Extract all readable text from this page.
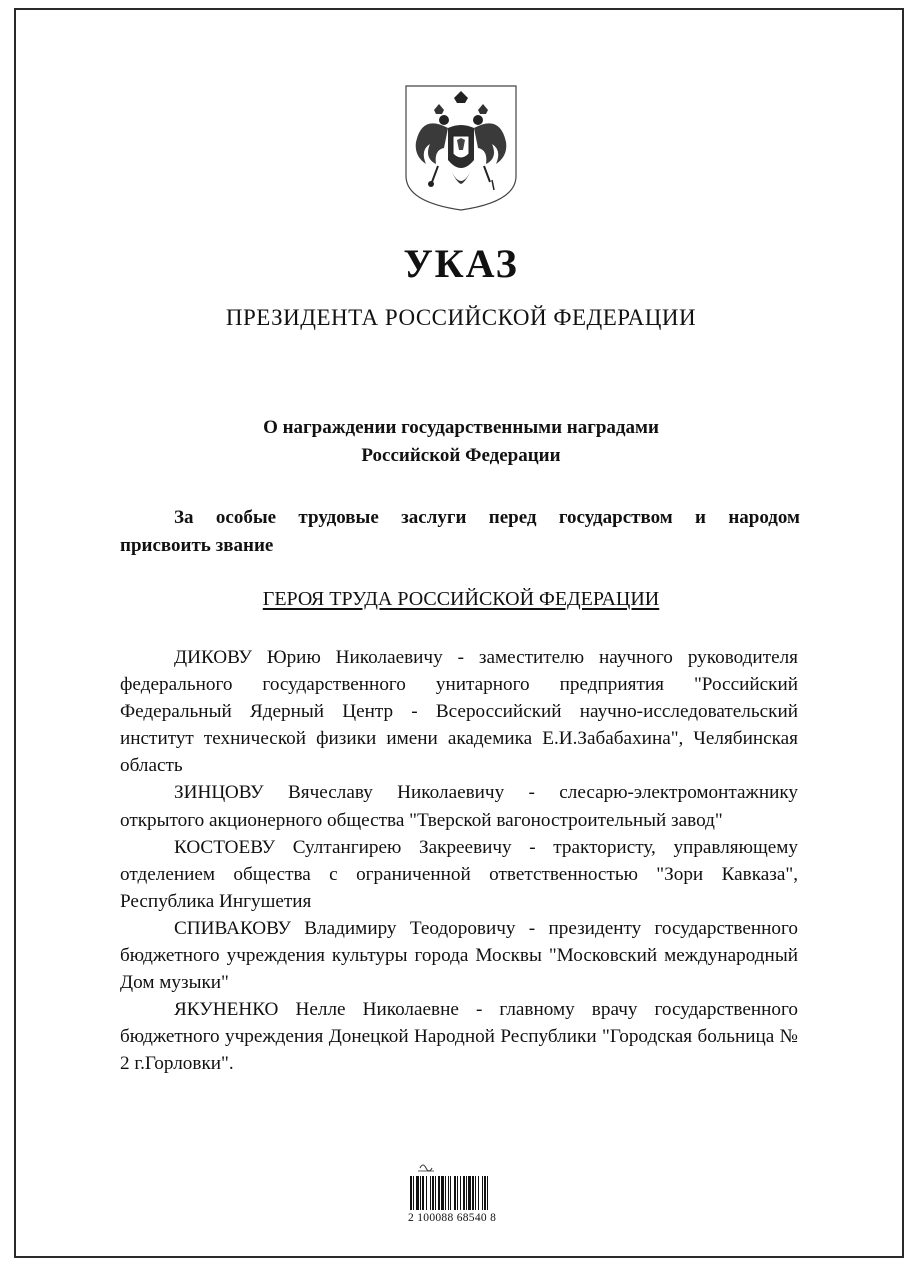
УКАЗ
ПРЕЗИДЕНТА РОССИЙСКОЙ ФЕДЕРАЦИИ
О награждении государственными наградами
Российской Федерации
За особые трудовые заслуги перед государством и народом
присвоить звание
ГЕРОЯ ТРУДА РОССИЙСКОЙ ФЕДЕРАЦИИ

ДИКОВУ Юрию Николаевичу - заместителю научного руководителя федерального государственного унитарного предприятия "Российский Федеральный Ядерный Центр - Всероссийский научно-исследовательский институт технической физики имени академика Е.И.Забабахина", Челябинская область

ЗИНЦОВУ Вячеславу Николаевичу - слесарю-электромонтажнику открытого акционерного общества "Тверской вагоностроительный завод"

КОСТОЕВУ Султангирею Закреевичу - трактористу, управляющему отделением общества с ограниченной ответственностью "Зори Кавказа", Республика Ингушетия

СПИВАКОВУ Владимиру Теодоровичу - президенту государственного бюджетного учреждения культуры города Москвы "Московский международный Дом музыки"

ЯКУНЕНКО Нелле Николаевне - главному врачу государственного бюджетного учреждения Донецкой Народной Республики "Городская больница № 2 г.Горловки".

2 100088 68540 8
